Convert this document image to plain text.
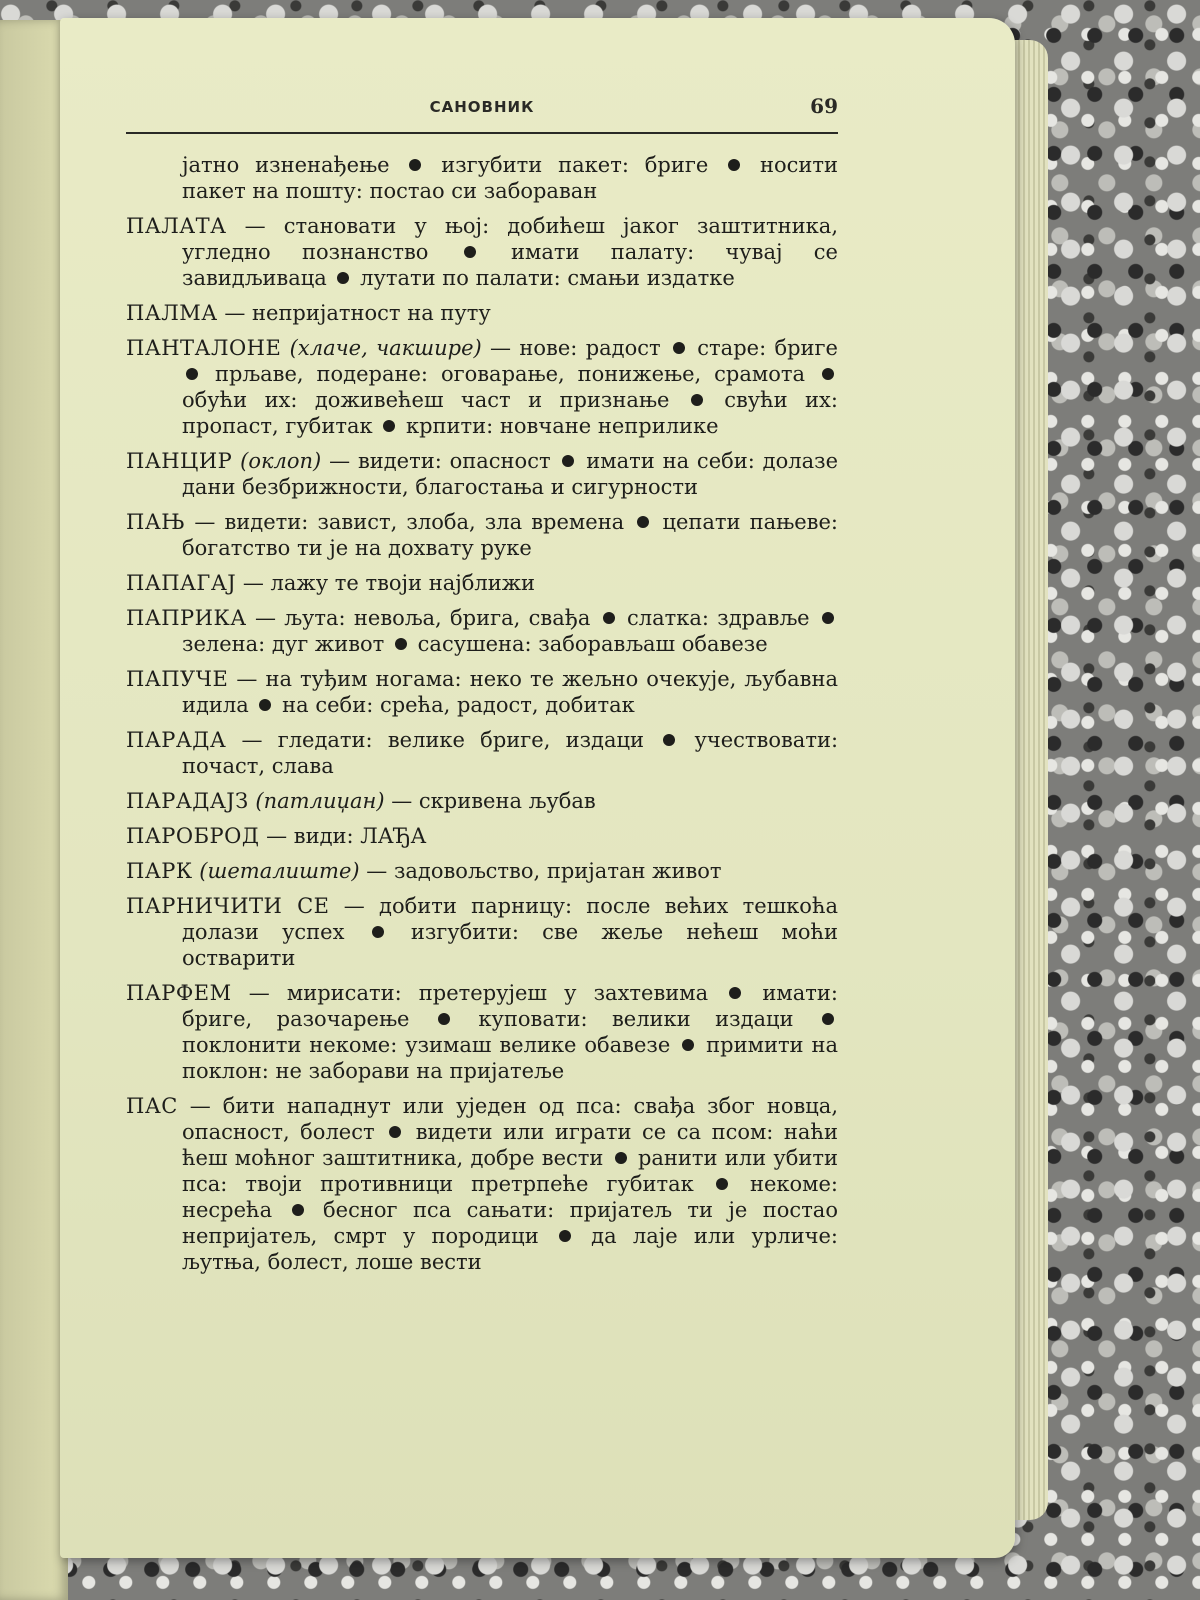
САНОВНИК	69

јатно изненађење изгубити пакет: бриге носити пакет на пошту: постао си забораван

ПАЛАТА — становати у њој: добићеш јаког заштитника, угледно познанство	имати палату: чувај се завидљиваца лутати по палати: смањи издатке

ПАЛМА — непријатност на путу

ПАНТАЛОНЕ (хлаче, чакшире) — нове: радост старе: бриге  прљаве, подеране: оговарање, понижење, срамота  обући их: доживећеш част и признање	свући их: пропаст, губитак крпити: новчане неприлике

ПАНЦИР (оклоп) — видети: опасност имати на себи: долазе дани безбрижности, благостања и сигурности

ПАЊ — видети: завист, злоба, зла времена цепати пањеве: богатство ти је на дохвату руке

ПАПАГАЈ — лажу те твоји најближи

ПАПРИКА — љута: невоља, брига, свађа слатка: здравље  зелена: дуг живот сасушена: заборављаш обавезе

ПАПУЧЕ — на туђим ногама: неко те жељно очекује, љубавна идила на себи: срећа, радост, добитак

ПАРАДА — гледати: велике бриге, издаци учествовати: почаст, слава

ПАРАДАЈЗ (патлиџан) — скривена љубав

ПАРОБРОД — види: ЛАЂА

ПАРК (шеталиште) — задовољство, пријатан живот

ПАРНИЧИТИ СЕ — добити парницу: после већих тешкоћа долази успех	изгубити: све жеље нећеш моћи остварити

ПАРФЕМ — мирисати: претерујеш у захтевима	имати: бриге, разочарење	куповати: велики издаци  поклонити некоме: узимаш велике обавезе примити на поклон: не заборави на пријатеље

ПАС — бити нападнут или уједен од пса: свађа због новца, опасност, болест видети или играти се са псом: наћи ћеш моћног заштитника, добре вести ранити или убити пса: твоји противници претрпеће губитак	некоме: несрећа бесног пса сањати: пријатељ ти је постао непријатељ, смрт у породици да лаје или урличе: љутња, болест, лоше вести
